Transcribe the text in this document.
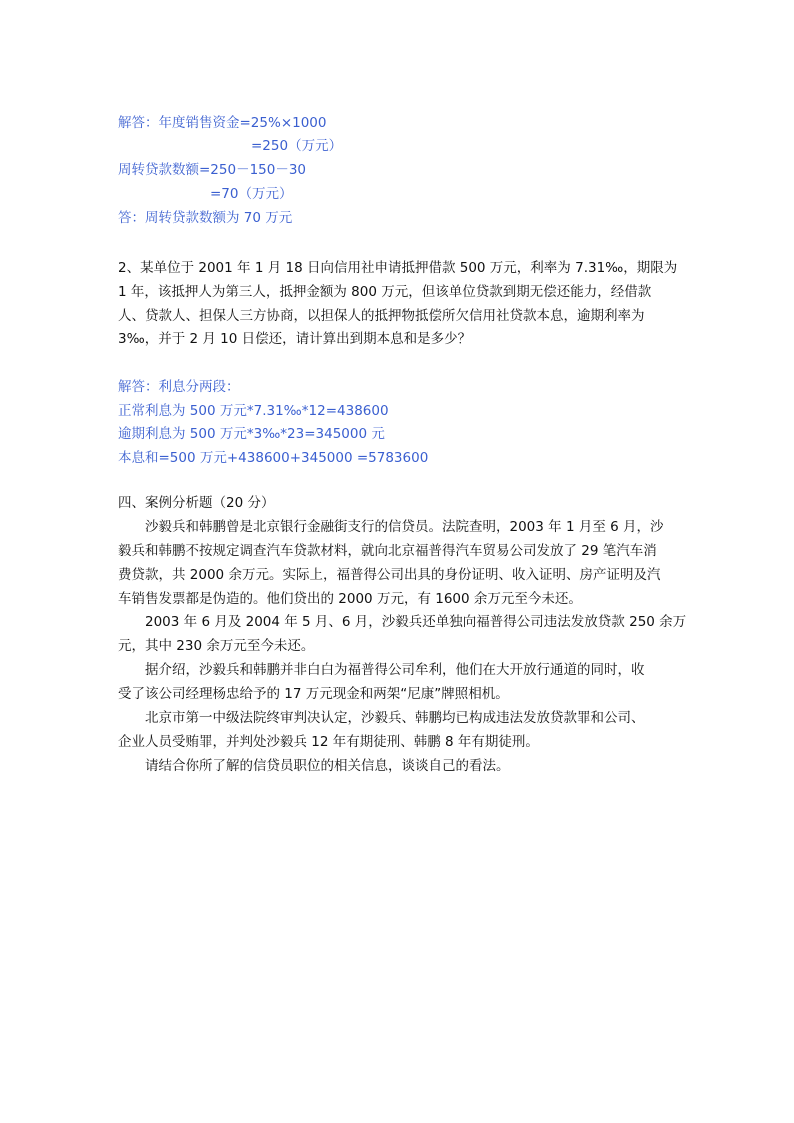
解答：年度销售资金=25%×1000
=250（万元）
周转贷款数额=250－150－30
=70（万元）
答：周转贷款数额为 70 万元
2、某单位于 2001 年 1 月 18 日向信用社申请抵押借款 500 万元，利率为 7.31‰，期限为
1 年，该抵押人为第三人，抵押金额为 800 万元，但该单位贷款到期无偿还能力，经借款
人、贷款人、担保人三方协商，以担保人的抵押物抵偿所欠信用社贷款本息，逾期利率为
3‰，并于 2 月 10 日偿还，请计算出到期本息和是多少？
解答：利息分两段：
正常利息为 500 万元*7.31‰*12=438600
逾期利息为 500 万元*3‰*23=345000 元
本息和=500 万元+438600+345000 =5783600
四、案例分析题（20 分）
沙毅兵和韩鹏曾是北京银行金融街支行的信贷员。法院查明，2003 年 1 月至 6 月，沙
毅兵和韩鹏不按规定调查汽车贷款材料，就向北京福普得汽车贸易公司发放了 29 笔汽车消
费贷款，共 2000 余万元。实际上，福普得公司出具的身份证明、收入证明、房产证明及汽
车销售发票都是伪造的。他们贷出的 2000 万元，有 1600 余万元至今未还。
2003 年 6 月及 2004 年 5 月、6 月，沙毅兵还单独向福普得公司违法发放贷款 250 余万
元，其中 230 余万元至今未还。
据介绍，沙毅兵和韩鹏并非白白为福普得公司牟利，他们在大开放行通道的同时，收
受了该公司经理杨忠给予的 17 万元现金和两架“尼康”牌照相机。
北京市第一中级法院终审判决认定，沙毅兵、韩鹏均已构成违法发放贷款罪和公司、
企业人员受贿罪，并判处沙毅兵 12 年有期徒刑、韩鹏 8 年有期徒刑。
请结合你所了解的信贷员职位的相关信息，谈谈自己的看法。
